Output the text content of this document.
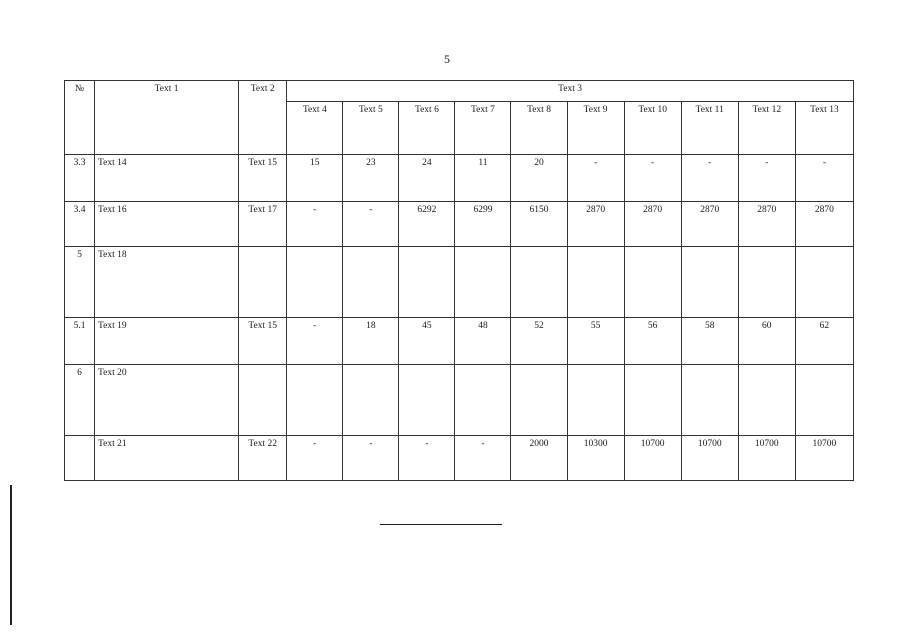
5
№	Text 1	Text 2	Text 3									
			Text 4	Text 5	Text 6	Text 7	Text 8	Text 9	Text 10	Text 11	Text 12	Text 13
3.3	Text 14	Text 15	15	23	24	11	20	-	-	-	-	-
3.4	Text 16	Text 17	-	-	6292	6299	6150	2870	2870	2870	2870	2870
5	Text 18											
5.1	Text 19	Text 15	-	18	45	48	52	55	56	58	60	62
6	Text 20											
	Text 21	Text 22	-	-	-	-	2000	10300	10700	10700	10700	10700
